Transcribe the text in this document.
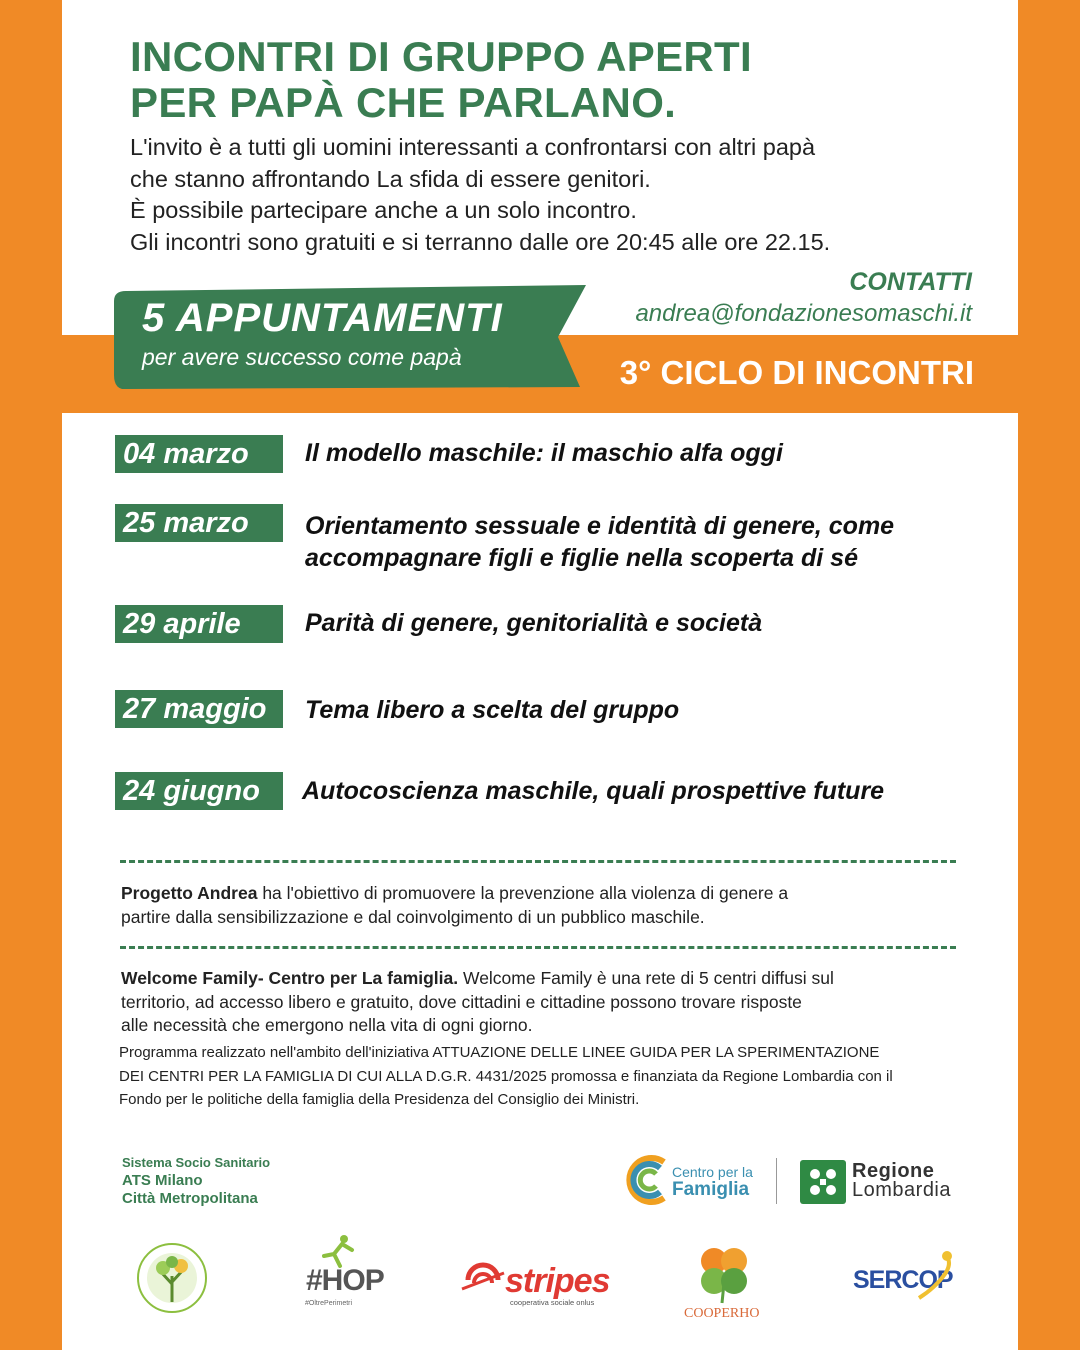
INCONTRI DI GRUPPO APERTI
PER PAPÀ CHE PARLANO.
L'invito è a tutti gli uomini interessanti a confrontarsi con altri papà
che stanno affrontando La sfida di essere genitori.
È possibile partecipare anche a un solo incontro.
Gli incontri sono gratuiti e si terranno dalle ore 20:45 alle ore 22.15.
CONTATTI
andrea@fondazionesomaschi.it
5 APPUNTAMENTI
per avere successo come papà	3° CICLO DI INCONTRI
04 marzo	Il modello maschile: il maschio alfa oggi
25 marzo	Orientamento sessuale e identità di genere, come
accompagnare figli e figlie nella scoperta di sé
29 aprile	Parità di genere, genitorialità e società
27 maggio	Tema libero a scelta del gruppo
24 giugno	Autocoscienza maschile, quali prospettive future
Progetto Andrea ha l'obiettivo di promuovere la prevenzione alla violenza di genere a
partire dalla sensibilizzazione e dal coinvolgimento di un pubblico maschile.
Welcome Family- Centro per La famiglia. Welcome Family è una rete di 5 centri diffusi sul
territorio, ad accesso libero e gratuito, dove cittadini e cittadine possono trovare risposte
alle necessità che emergono nella vita di ogni giorno.
Programma realizzato nell'ambito dell'iniziativa ATTUAZIONE DELLE LINEE GUIDA PER LA SPERIMENTAZIONE
DEI CENTRI PER LA FAMIGLIA DI CUI ALLA D.G.R. 4431/2025 promossa e finanziata da Regione Lombardia con il
Fondo per le politiche della famiglia della Presidenza del Consiglio dei Ministri.
Sistema Socio Sanitario
ATS Milano
Città Metropolitana
Centro per la
Famiglia
Regione
Lombardia
#HOP
#OltrePerimetri
stripes
cooperativa sociale onlus
COOPERHO
SERCOP
